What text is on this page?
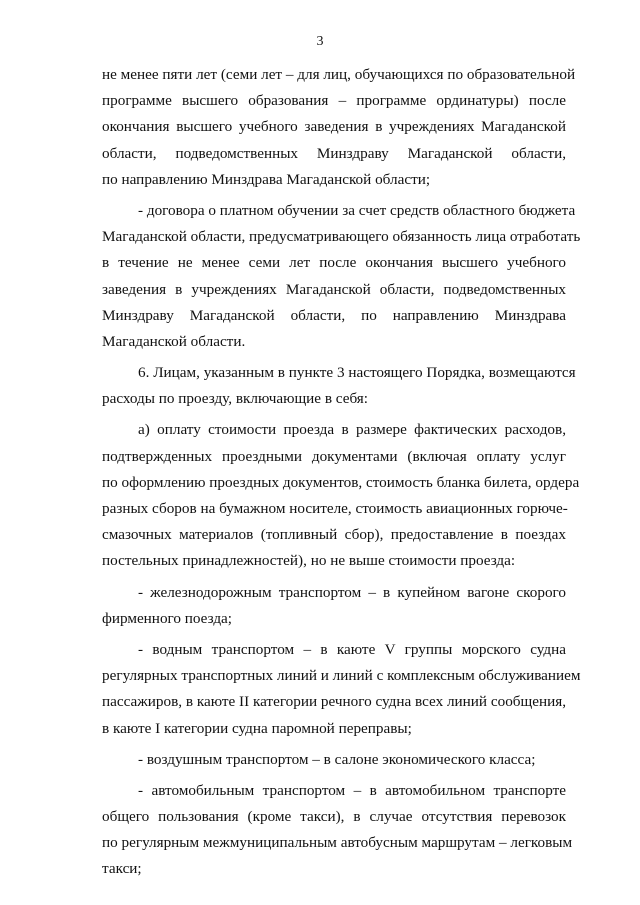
3
не менее пяти лет (семи лет – для лиц, обучающихся по образовательной
программе высшего образования – программе ординатуры) после
окончания высшего учебного заведения в учреждениях Магаданской
области, подведомственных Минздраву Магаданской области,
по направлению Минздрава Магаданской области;
- договора о платном обучении за счет средств областного бюджета
Магаданской области, предусматривающего обязанность лица отработать
в течение не менее семи лет после окончания высшего учебного
заведения в учреждениях Магаданской области, подведомственных
Минздраву Магаданской области, по направлению Минздрава
Магаданской области.
6. Лицам, указанным в пункте 3 настоящего Порядка, возмещаются
расходы по проезду, включающие в себя:
а) оплату стоимости проезда в размере фактических расходов,
подтвержденных проездными документами (включая оплату услуг
по оформлению проездных документов, стоимость бланка билета, ордера
разных сборов на бумажном носителе, стоимость авиационных горюче-
смазочных материалов (топливный сбор), предоставление в поездах
постельных принадлежностей), но не выше стоимости проезда:
- железнодорожным транспортом – в купейном вагоне скорого
фирменного поезда;
- водным транспортом – в каюте V группы морского судна
регулярных транспортных линий и линий с комплексным обслуживанием
пассажиров, в каюте II категории речного судна всех линий сообщения,
в каюте I категории судна паромной переправы;
- воздушным транспортом – в салоне экономического класса;
- автомобильным транспортом – в автомобильном транспорте
общего пользования (кроме такси), в случае отсутствия перевозок
по регулярным межмуниципальным автобусным маршрутам – легковым
такси;
